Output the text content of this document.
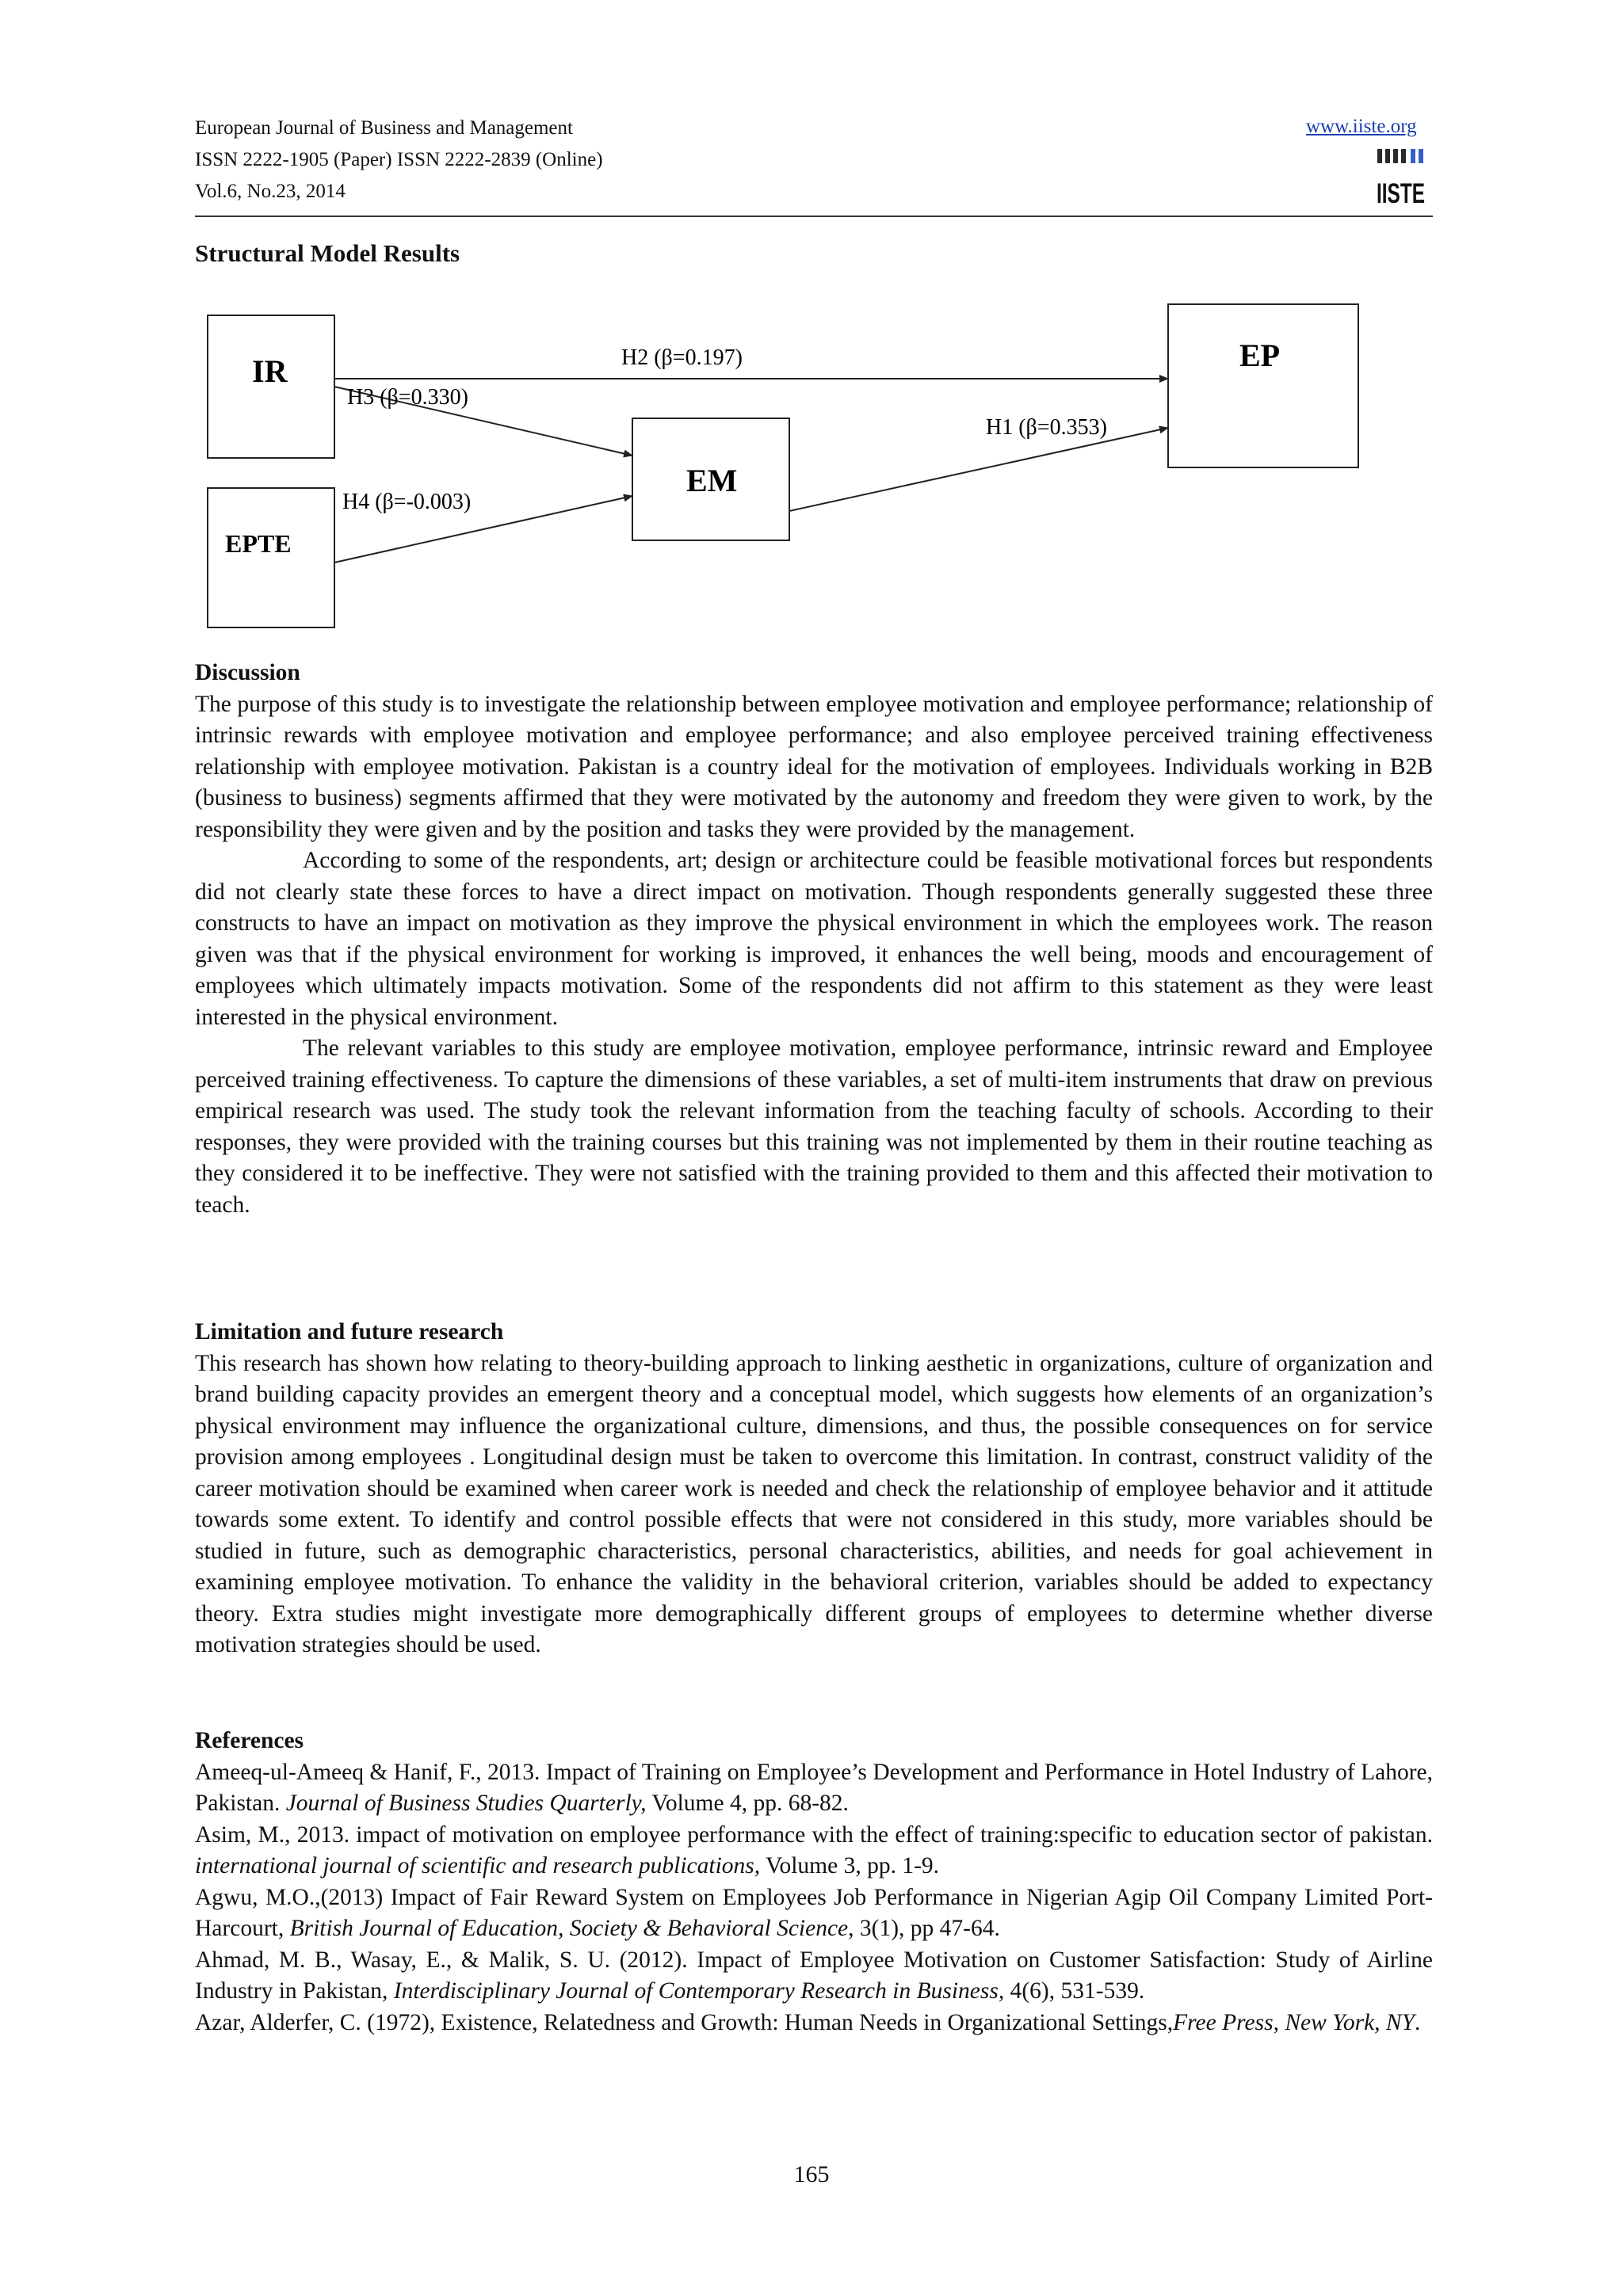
European Journal of Business and Management
ISSN 2222-1905 (Paper) ISSN 2222-2839 (Online)
Vol.6, No.23, 2014
www.iiste.org
IISTE
Structural Model Results
IR
EPTE
EM
EP
H2 (β=0.197)
H3 (β=0.330)
H4 (β=-0.003)
H1 (β=0.353)

Discussion

The purpose of this study is to investigate the relationship between employee motivation and employee performance; relationship of intrinsic rewards with employee motivation and employee performance; and also employee perceived training effectiveness relationship with employee motivation. Pakistan is a country ideal for the motivation of employees. Individuals working in B2B (business to business) segments affirmed that they were motivated by the autonomy and freedom they were given to work, by the responsibility they were given and by the position and tasks they were provided by the management.

According to some of the respondents, art; design or architecture could be feasible motivational forces but respondents did not clearly state these forces to have a direct impact on motivation. Though respondents generally suggested these three constructs to have an impact on motivation as they improve the physical environment in which the employees work. The reason given was that if the physical environment for working is improved, it enhances the well being, moods and encouragement of employees which ultimately impacts motivation. Some of the respondents did not affirm to this statement as they were least interested in the physical environment.

The relevant variables to this study are employee motivation, employee performance, intrinsic reward and Employee perceived training effectiveness. To capture the dimensions of these variables, a set of multi-item instruments that draw on previous empirical research was used. The study took the relevant information from the teaching faculty of schools. According to their responses, they were provided with the training courses but this training was not implemented by them in their routine teaching as they considered it to be ineffective. They were not satisfied with the training provided to them and this affected their motivation to teach.

Limitation and future research

This research has shown how relating to theory-building approach to linking aesthetic in organizations, culture of organization and brand building capacity provides an emergent theory and a conceptual model, which suggests how elements of an organization’s physical environment may influence the organizational culture, dimensions, and thus, the possible consequences on for service provision among employees . Longitudinal design must be taken to overcome this limitation. In contrast, construct validity of the career motivation should be examined when career work is needed and check the relationship of employee behavior and it attitude towards some extent. To identify and control possible effects that were not considered in this study, more variables should be studied in future, such as demographic characteristics, personal characteristics, abilities, and needs for goal achievement in examining employee motivation. To enhance the validity in the behavioral criterion, variables should be added to expectancy theory. Extra studies might investigate more demographically different groups of employees to determine whether diverse motivation strategies should be used.

References

Ameeq-ul-Ameeq & Hanif, F., 2013. Impact of Training on Employee’s Development and Performance in Hotel Industry of Lahore, Pakistan. Journal of Business Studies Quarterly, Volume 4, pp. 68-82.

Asim, M., 2013. impact of motivation on employee performance with the effect of training:specific to education sector of pakistan. international journal of scientific and research publications, Volume 3, pp. 1-9.

Agwu, M.O.,(2013) Impact of Fair Reward System on Employees Job Performance in Nigerian Agip Oil Company Limited Port-Harcourt, British Journal of Education, Society & Behavioral Science, 3(1), pp 47-64.

Ahmad, M. B., Wasay, E., & Malik, S. U. (2012). Impact of Employee Motivation on Customer Satisfaction: Study of Airline Industry in Pakistan, Interdisciplinary Journal of Contemporary Research in Business, 4(6), 531-539.

Azar, Alderfer, C. (1972), Existence, Relatedness and Growth: Human Needs in Organizational Settings,Free Press, New York, NY.

165
